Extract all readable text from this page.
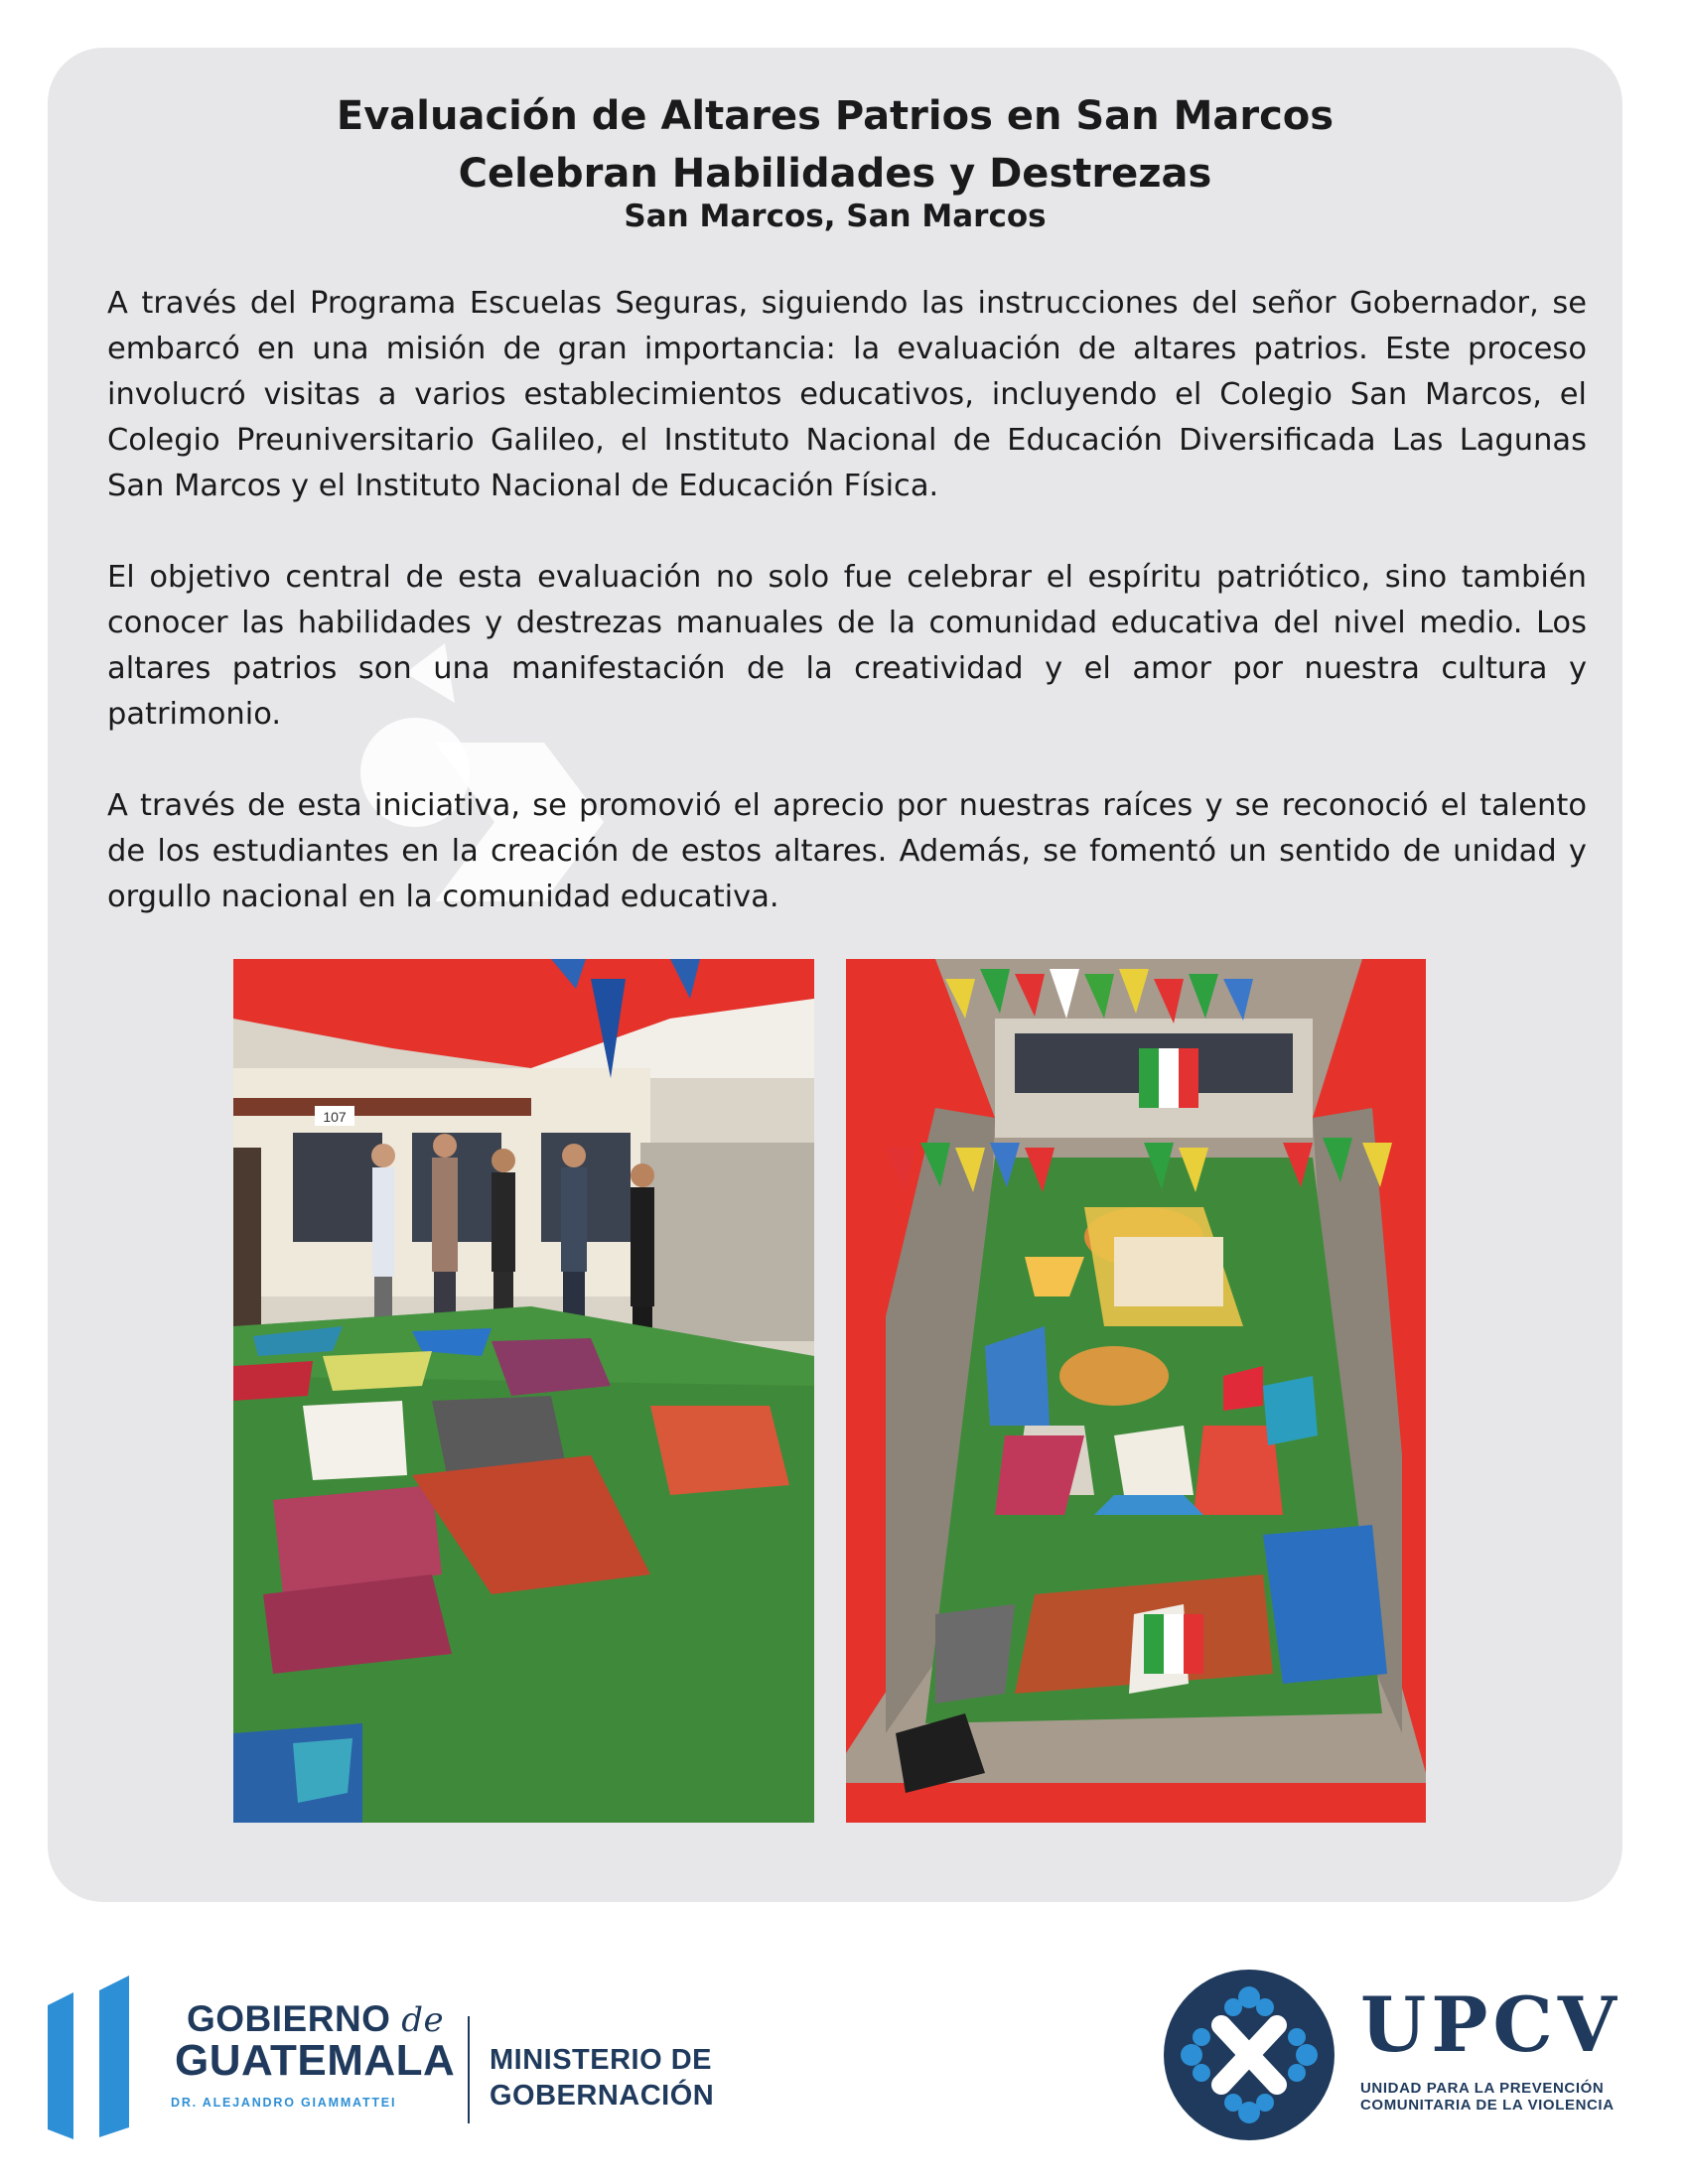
Evaluación de Altares Patrios en San Marcos
Celebran Habilidades y Destrezas
San Marcos, San Marcos

A través del Programa Escuelas Seguras, siguiendo las instrucciones del señor Gobernador, se embarcó en una misión de gran importancia: la evaluación de altares patrios. Este proceso involucró visitas a varios establecimientos educativos, incluyendo el Colegio San Marcos, el Colegio Preuniversitario Galileo, el Instituto Nacional de Educación Diversificada Las Lagunas San Marcos y el Instituto Nacional de Educación Física.

El objetivo central de esta evaluación no solo fue celebrar el espíritu patriótico, sino también conocer las habilidades y destrezas manuales de la comunidad educativa del nivel medio. Los altares patrios son una manifestación de la creatividad y el amor por nuestra cultura y patrimonio.

A través de esta iniciativa, se promovió el aprecio por nuestras raíces y se reconoció el talento de los estudiantes en la creación de estos altares. Además, se fomentó un sentido de unidad y orgullo nacional en la comunidad educativa.

107
GOBIERNO de
GUATEMALA
DR. ALEJANDRO GIAMMATTEI
MINISTERIO DE
GOBERNACIÓN
UPCV
UNIDAD PARA LA PREVENCIÓN
COMUNITARIA DE LA VIOLENCIA
